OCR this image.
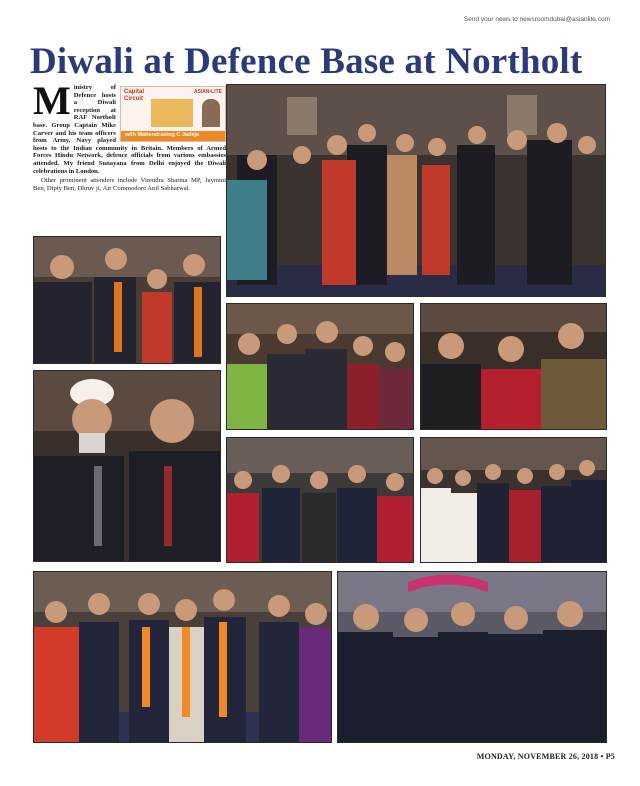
Send your news to newsroomdubai@asianlite.com
Diwali at Defence Base at Northolt

M	Capital
Circuit
ASIAN•LITE
with Mahendrasing C Jadeja
inistry of Defence hosts a Diwali reception at RAF Northolt base. Group Captain Mike Carver and his team officers from Army, Navy played hosts to the Indian community in Britain. Members of Armed Forces Hindu Network, defence officials from various embassies attended. My friend Sunayana from Delhi enjoyed the Diwali celebrations in London.

Other prominent attenders include Virendra Sharma MP, Jaymini Ben, Dipty Ben, Dhruv ji, Air Commodore Anil Sabharwal.

MONDAY, NOVEMBER 26, 2018 • P5
